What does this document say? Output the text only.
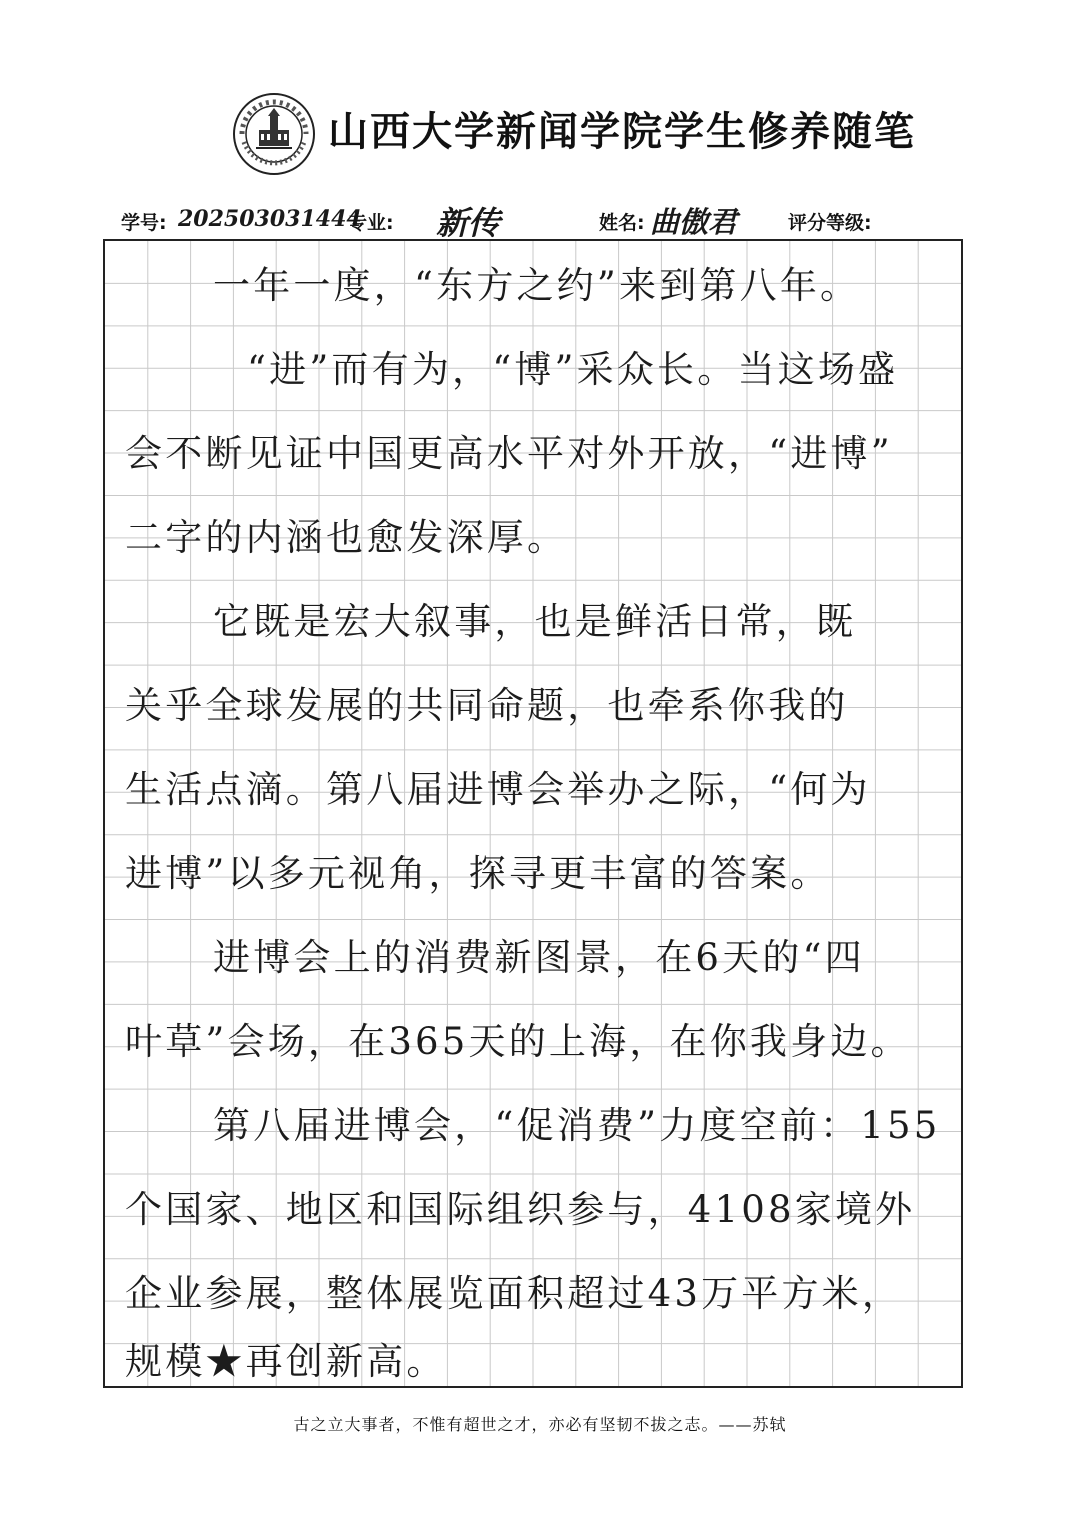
山西大学新闻学院学生修养随笔
学号: 202503031444
专业: 新传	姓名: 曲傲君	评分等级:
一年一度，“东方之约”来到第八年。
“进”而有为，“博”采众长。当这场盛
会不断见证中国更高水平对外开放，“进博”
二字的内涵也愈发深厚。
它既是宏大叙事，也是鲜活日常，既
关乎全球发展的共同命题，也牵系你我的
生活点滴。第八届进博会举办之际，“何为
进博”以多元视角，探寻更丰富的答案。
进博会上的消费新图景，在6天的“四
叶草”会场，在365天的上海，在你我身边。
第八届进博会，“促消费”力度空前：155
个国家、地区和国际组织参与，4108家境外
企业参展，整体展览面积超过43万平方米，
规模★再创新高。
古之立大事者，不惟有超世之才，亦必有坚韧不拔之志。——苏轼
